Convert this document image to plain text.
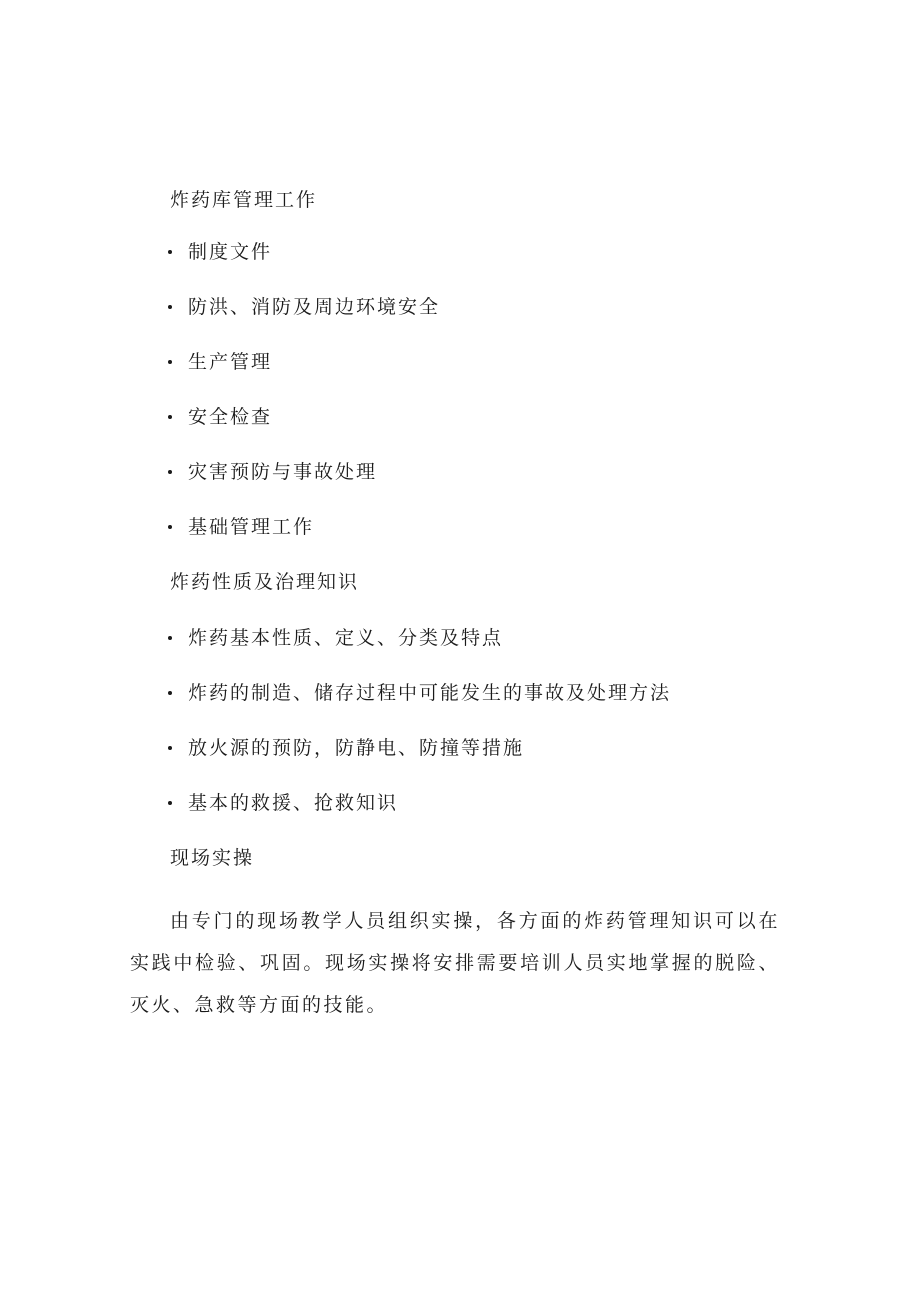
炸药库管理工作
制度文件
防洪、消防及周边环境安全
生产管理
安全检查
灾害预防与事故处理
基础管理工作
炸药性质及治理知识
炸药基本性质、定义、分类及特点
炸药的制造、储存过程中可能发生的事故及处理方法
放火源的预防，防静电、防撞等措施
基本的救援、抢救知识
现场实操
由专门的现场教学人员组织实操，各方面的炸药管理知识可以在实践中检验、巩固。现场实操将安排需要培训人员实地掌握的脱险、灭火、急救等方面的技能。
